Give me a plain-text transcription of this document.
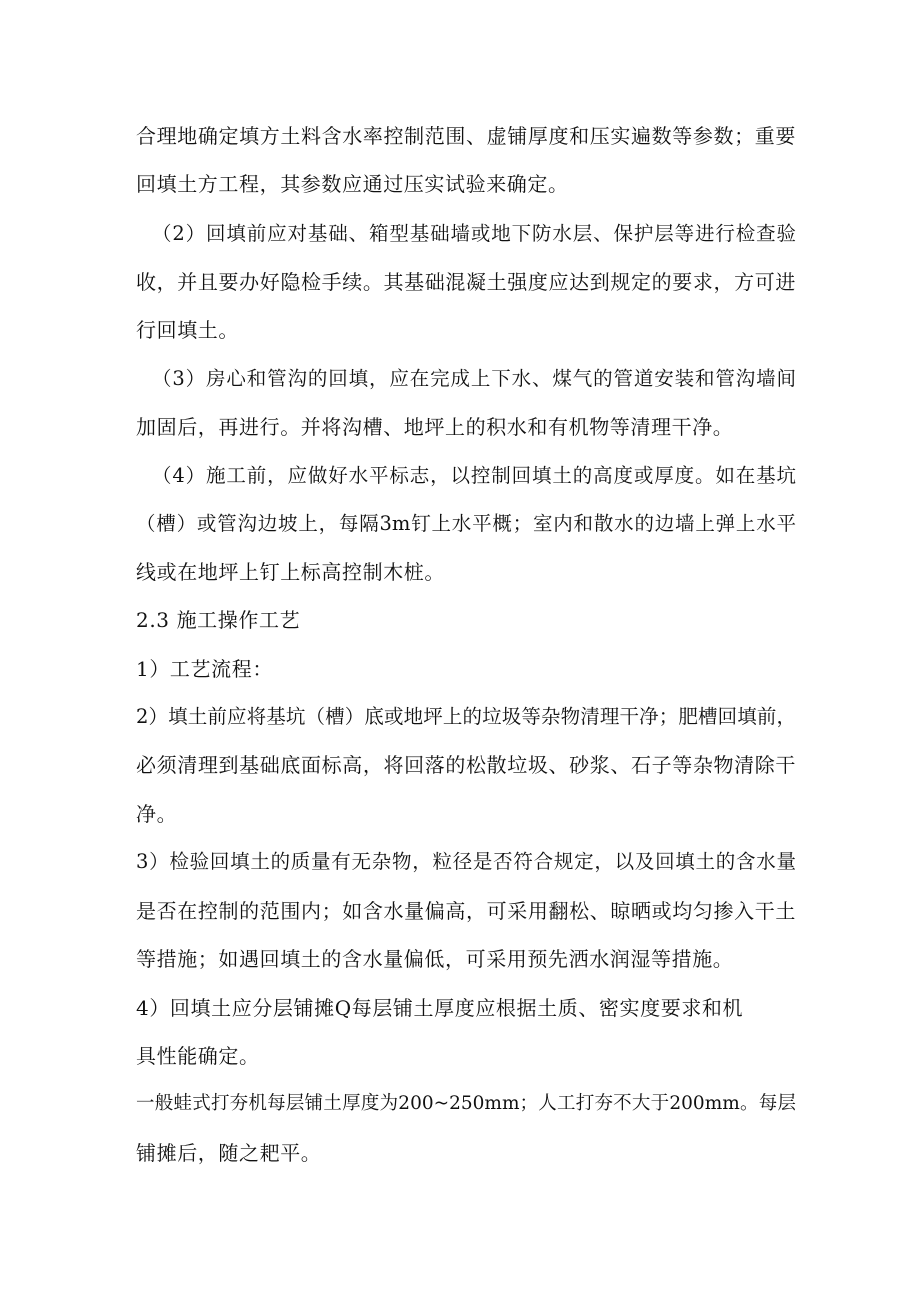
合理地确定填方土料含水率控制范围、虚铺厚度和压实遍数等参数；重要
回填土方工程，其参数应通过压实试验来确定。
（2）回填前应对基础、箱型基础墙或地下防水层、保护层等进行检查验
收，并且要办好隐检手续。其基础混凝土强度应达到规定的要求，方可进
行回填土。
（3）房心和管沟的回填，应在完成上下水、煤气的管道安装和管沟墙间
加固后，再进行。并将沟槽、地坪上的积水和有机物等清理干净。
（4）施工前，应做好水平标志，以控制回填土的高度或厚度。如在基坑
（槽）或管沟边坡上，每隔3m钉上水平概；室内和散水的边墙上弹上水平
线或在地坪上钉上标高控制木桩。
2.3 施工操作工艺
1）工艺流程：
2）填土前应将基坑（槽）底或地坪上的垃圾等杂物清理干净；肥槽回填前，
必须清理到基础底面标高，将回落的松散垃圾、砂浆、石子等杂物清除干
净。
3）检验回填土的质量有无杂物，粒径是否符合规定，以及回填土的含水量
是否在控制的范围内；如含水量偏高，可采用翻松、晾晒或均匀掺入干土
等措施；如遇回填土的含水量偏低，可采用预先洒水润湿等措施。
4）回填土应分层铺摊Q每层铺土厚度应根据土质、密实度要求和机
具性能确定。
一般蛙式打夯机每层铺土厚度为200~250mm；人工打夯不大于200mm。每层
铺摊后，随之耙平。
